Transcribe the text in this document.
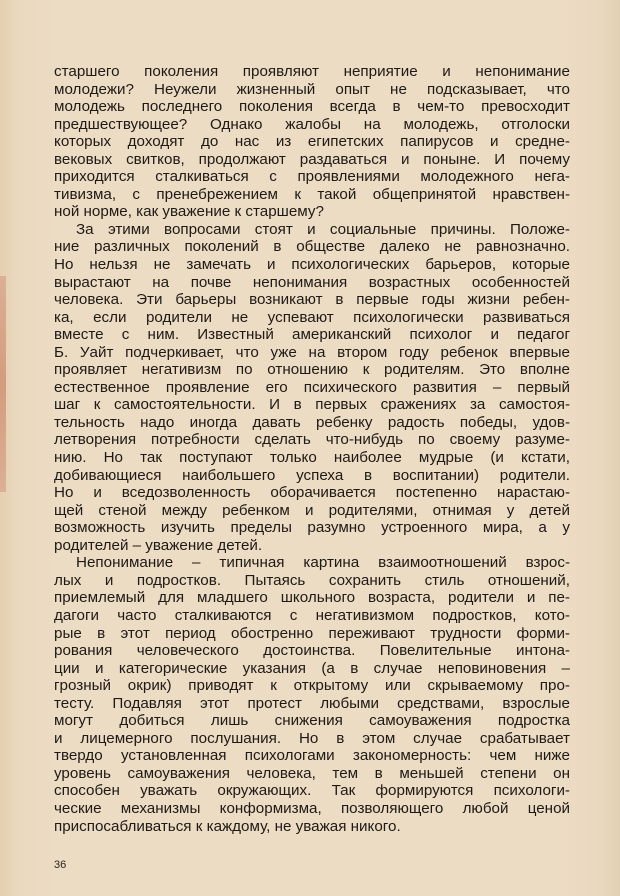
старшего поколения проявляют неприятие и непонимание
молодежи? Неужели жизненный опыт не подсказывает, что
молодежь последнего поколения всегда в чем-то превосходит
предшествующее? Однако жалобы на молодежь, отголоски
которых доходят до нас из египетских папирусов и средне-
вековых свитков, продолжают раздаваться и поныне. И почему
приходится сталкиваться с проявлениями молодежного нега-
тивизма, с пренебрежением к такой общепринятой нравствен-
ной норме, как уважение к старшему?
За этими вопросами стоят и социальные причины. Положе-
ние различных поколений в обществе далеко не равнозначно.
Но нельзя не замечать и психологических барьеров, которые
вырастают на почве непонимания возрастных особенностей
человека. Эти барьеры возникают в первые годы жизни ребен-
ка, если родители не успевают психологически развиваться
вместе с ним. Известный американский психолог и педагог
Б. Уайт подчеркивает, что уже на втором году ребенок впервые
проявляет негативизм по отношению к родителям. Это вполне
естественное проявление его психического развития – первый
шаг к самостоятельности. И в первых сражениях за самостоя-
тельность надо иногда давать ребенку радость победы, удов-
летворения потребности сделать что-нибудь по своему разуме-
нию. Но так поступают только наиболее мудрые (и кстати,
добивающиеся наибольшего успеха в воспитании) родители.
Но и вседозволенность оборачивается постепенно нарастаю-
щей стеной между ребенком и родителями, отнимая у детей
возможность изучить пределы разумно устроенного мира, а у
родителей – уважение детей.
Непонимание – типичная картина взаимоотношений взрос-
лых и подростков. Пытаясь сохранить стиль отношений,
приемлемый для младшего школьного возраста, родители и пе-
дагоги часто сталкиваются с негативизмом подростков, кото-
рые в этот период обостренно переживают трудности форми-
рования человеческого достоинства. Повелительные интона-
ции и категорические указания (а в случае неповиновения –
грозный окрик) приводят к открытому или скрываемому про-
тесту. Подавляя этот протест любыми средствами, взрослые
могут добиться лишь снижения самоуважения подростка
и лицемерного послушания. Но в этом случае срабатывает
твердо установленная психологами закономерность: чем ниже
уровень самоуважения человека, тем в меньшей степени он
способен уважать окружающих. Так формируются психологи-
ческие механизмы конформизма, позволяющего любой ценой
приспосабливаться к каждому, не уважая никого.
36
